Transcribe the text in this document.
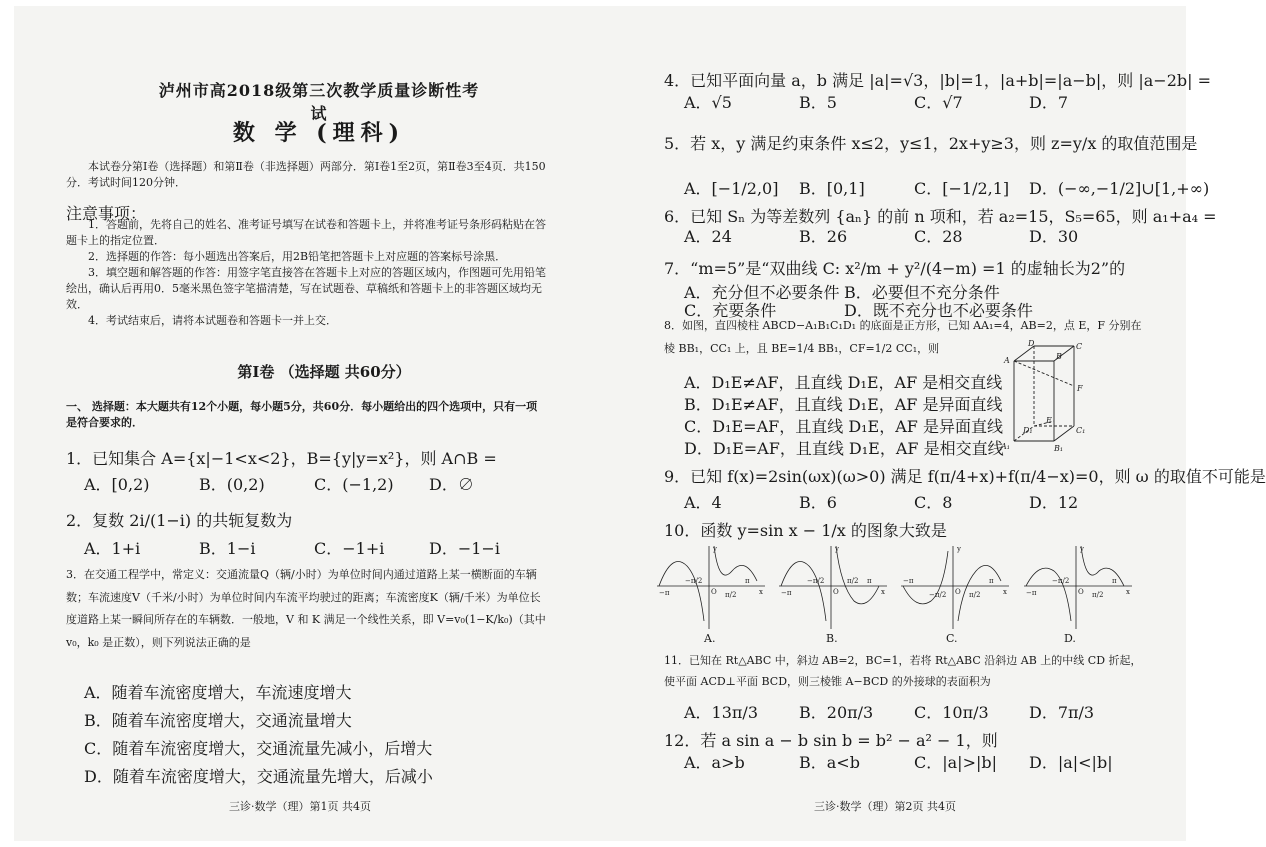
泸州市高2018级第三次教学质量诊断性考试
数 学 (理科)
本试卷分第Ⅰ卷（选择题）和第Ⅱ卷（非选择题）两部分．第Ⅰ卷1至2页，第Ⅱ卷3至4页．共150分．考试时间120分钟．
注意事项：
1．答题前，先将自己的姓名、准考证号填写在试卷和答题卡上，并将准考证号条形码粘贴在答题卡上的指定位置．
2．选择题的作答：每小题选出答案后，用2B铅笔把答题卡上对应题的答案标号涂黑．
3．填空题和解答题的作答：用签字笔直接答在答题卡上对应的答题区域内，作图题可先用铅笔绘出，确认后再用0．5毫米黑色签字笔描清楚，写在试题卷、草稿纸和答题卡上的非答题区域均无效．
4．考试结束后，请将本试题卷和答题卡一并上交．
第Ⅰ卷 （选择题 共60分）
一、 选择题：本大题共有12个小题，每小题5分，共60分．每小题给出的四个选项中，只有一项是符合要求的．
1．已知集合 A={x|−1<x<2}，B={y|y=x²}，则 A∩B =
A．[0,2)	B．(0,2)	C．(−1,2)	D．∅
2．复数 2i/(1−i) 的共轭复数为
A．1+i	B．1−i	C．−1+i	D．−1−i
3．在交通工程学中，常定义：交通流量Q（辆/小时）为单位时间内通过道路上某一横断面的车辆数；车流速度V（千米/小时）为单位时间内车流平均驶过的距离；车流密度K（辆/千米）为单位长度道路上某一瞬间所存在的车辆数．一般地，V 和 K 满足一个线性关系，即 V=v₀(1−K/k₀)（其中 v₀，k₀ 是正数），则下列说法正确的是
A．随着车流密度增大，车流速度增大
B．随着车流密度增大，交通流量增大
C．随着车流密度增大，交通流量先减小，后增大
D．随着车流密度增大，交通流量先增大，后减小
三诊·数学（理）第1页 共4页
4．已知平面向量 a，b 满足 |a|=√3，|b|=1，|a+b|=|a−b|，则 |a−2b| =
A．√5	B．5	C．√7	D．7
5．若 x，y 满足约束条件 x≤2，y≤1，2x+y≥3，则 z=y/x 的取值范围是
A．[−1/2,0]	B．[0,1]	C．[−1/2,1]	D．(−∞,−1/2]∪[1,+∞)
6．已知 Sₙ 为等差数列 {aₙ} 的前 n 项和，若 a₂=15，S₅=65，则 a₁+a₄ =
A．24	B．26	C．28	D．30
7．“m=5”是“双曲线 C: x²/m + y²/(4−m) =1 的虚轴长为2”的
A．充分但不必要条件 B．必要但不充分条件
C．充要条件	D．既不充分也不必要条件
8．如图，直四棱柱 ABCD−A₁B₁C₁D₁ 的底面是正方形，已知 AA₁=4，AB=2，点 E，F 分别在棱 BB₁，CC₁ 上，且 BE=1/4 BB₁，CF=1/2 CC₁，则
A．D₁E≠AF，且直线 D₁E，AF 是相交直线
B．D₁E≠AF，且直线 D₁E，AF 是异面直线
C．D₁E=AF，且直线 D₁E，AF 是异面直线
D．D₁E=AF，且直线 D₁E，AF 是相交直线
A	B
C
D
A₁	B₁
C₁
D₁
E
F
9．已知 f(x)=2sin(ωx)(ω>0) 满足 f(π/4+x)+f(π/4−x)=0，则 ω 的取值不可能是
A．4	B．6	C．8	D．12
10．函数 y=sin x − 1/x 的图象大致是
y
x
O
π
−π	π/2
−π/2
y
x
O
π
−π
π/2
−π/2
y
x
O
π
−π
π/2
−π/2
y
x
O
π
−π	π/2
−π/2
A.	B.	C.	D.
11．已知在 Rt△ABC 中，斜边 AB=2，BC=1，若将 Rt△ABC 沿斜边 AB 上的中线 CD 折起，使平面 ACD⊥平面 BCD，则三棱锥 A−BCD 的外接球的表面积为
A．13π/3	B．20π/3	C．10π/3	D．7π/3
12．若 a sin a − b sin b = b² − a² − 1，则
A．a>b	B．a<b	C．|a|>|b|	D．|a|<|b|
三诊·数学（理）第2页 共4页
